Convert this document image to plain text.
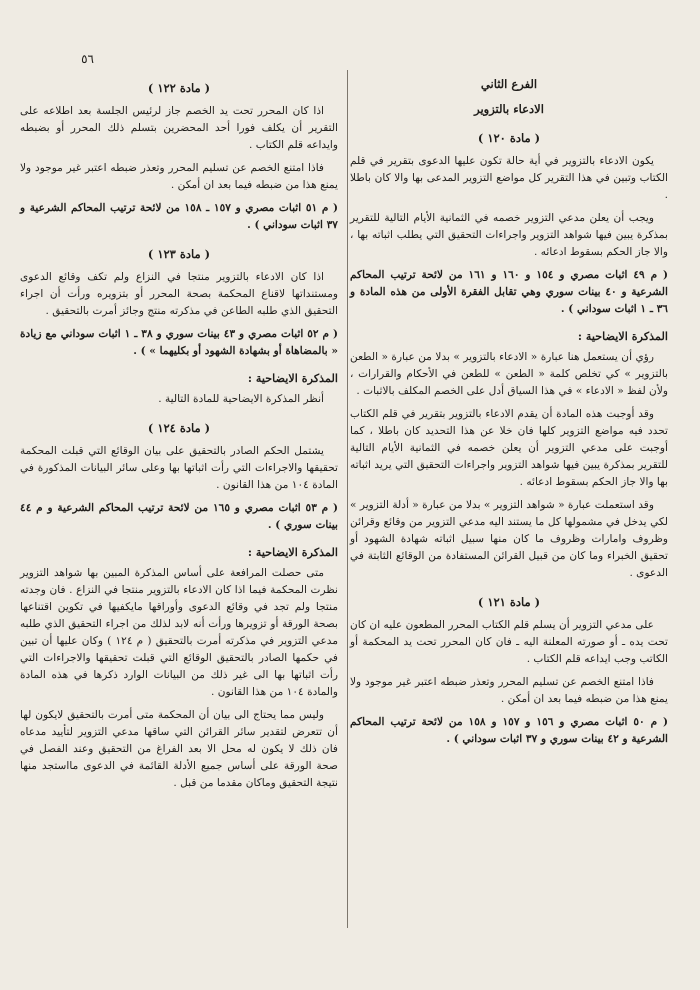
٥٦
الفرع الثاني
الادعاء بالتزوير
( مادة ١٢٠ )

يكون الادعاء بالتزوير في أية حالة تكون عليها الدعوى بتقرير في قلم الكتاب وتبين في هذا التقرير كل مواضع التزوير المدعى بها والا كان باطلا .

ويجب أن يعلن مدعي التزوير خصمه في الثمانية الأيام التالية للتقرير بمذكرة يبين فيها شواهد التزوير واجراءات التحقيق التي يطلب اثباته بها ، والا جاز الحكم بسقوط ادعائه .

( م ٤٩ اثبات مصري و ١٥٤ و ١٦٠ و ١٦١ من لائحة ترتيب المحاكم الشرعية و ٤٠ بينات سوري وهي تقابل الفقرة الأولى من هذه المادة و ٣٦ ـ ١ اثبات سوداني ) .

المذكرة الايضاحية :

رؤي أن يستعمل هنا عبارة « الادعاء بالتزوير » بدلا من عبارة « الطعن بالتزوير » كي تخلص كلمة « الطعن » للطعن في الأحكام والقرارات ، ولأن لفظ « الادعاء » في هذا السياق أدل على الخصم المكلف بالاثبات .

وقد أوجبت هذه المادة أن يقدم الادعاء بالتزوير بتقرير في قلم الكتاب تحدد فيه مواضع التزوير كلها فان خلا عن هذا التحديد كان باطلا ، كما أوجبت على مدعي التزوير أن يعلن خصمه في الثمانية الأيام التالية للتقرير بمذكرة يبين فيها شواهد التزوير واجراءات التحقيق التي يريد اثباته بها والا جاز الحكم بسقوط ادعائه .

وقد استعملت عبارة « شواهد التزوير » بدلا من عبارة « أدلة التزوير » لكي يدخل في مشمولها كل ما يستند اليه مدعي التزوير من وقائع وقرائن وظروف وامارات وظروف ما كان منها سبيل اثباته شهادة الشهود أو تحقيق الخبراء وما كان من قبيل القرائن المستفادة من الوقائع الثابتة في الدعوى .

( مادة ١٢١ )

على مدعي التزوير أن يسلم قلم الكتاب المحرر المطعون عليه ان كان تحت يده ـ أو صورته المعلنة اليه ـ فان كان المحرر تحت يد المحكمة أو الكاتب وجب ايداعه قلم الكتاب .

فاذا امتنع الخصم عن تسليم المحرر وتعذر ضبطه اعتبر غير موجود ولا يمنع هذا من ضبطه فيما بعد ان أمكن .

( م ٥٠ اثبات مصري و ١٥٦ و ١٥٧ و ١٥٨ من لائحة ترتيب المحاكم الشرعية و ٤٢ بينات سوري و ٣٧ اثبات سوداني ) .

( مادة ١٢٢ )

اذا كان المحرر تحت يد الخصم جاز لرئيس الجلسة بعد اطلاعه على التقرير أن يكلف فورا أحد المحضرين بتسلم ذلك المحرر أو بضبطه وايداعه قلم الكتاب .

فاذا امتنع الخصم عن تسليم المحرر وتعذر ضبطه اعتبر غير موجود ولا يمنع هذا من ضبطه فيما بعد ان أمكن .

( م ٥١ اثبات مصري و ١٥٧ ـ ١٥٨ من لائحة ترتيب المحاكم الشرعية و ٣٧ اثبات سوداني ) .

( مادة ١٢٣ )

اذا كان الادعاء بالتزوير منتجا في النزاع ولم تكف وقائع الدعوى ومستنداتها لاقناع المحكمة بصحة المحرر أو بتزويره ورأت أن اجراء التحقيق الذي طلبه الطاعن في مذكرته منتج وجائز أمرت بالتحقيق .

( م ٥٢ اثبات مصري و ٤٣ بينات سوري و ٣٨ ـ ١ اثبات سوداني مع زيادة « بالمضاهاة أو بشهادة الشهود أو بكليهما » ) .

المذكرة الايضاحية :

أنظر المذكرة الايضاحية للمادة التالية .

( مادة ١٢٤ )

يشتمل الحكم الصادر بالتحقيق على بيان الوقائع التي قبلت المحكمة تحقيقها والاجراءات التي رأت اثباتها بها وعلى سائر البيانات المذكورة في المادة ١٠٤ من هذا القانون .

( م ٥٣ اثبات مصري و ١٦٥ من لائحة ترتيب المحاكم الشرعية و م ٤٤ بينات سوري ) .

المذكرة الايضاحية :

متى حصلت المرافعة على أساس المذكرة المبين بها شواهد التزوير نظرت المحكمة فيما اذا كان الادعاء بالتزوير منتجا في النزاع . فان وجدته منتجا ولم تجد في وقائع الدعوى وأوراقها مايكفيها في تكوين اقتناعها بصحة الورقة أو تزويرها ورأت أنه لابد لذلك من اجراء التحقيق الذي طلبه مدعي التزوير في مذكرته أمرت بالتحقيق ( م ١٢٤ ) وكان عليها أن تبين في حكمها الصادر بالتحقيق الوقائع التي قبلت تحقيقها والاجراءات التي رأت اثباتها بها الى غير ذلك من البيانات الوارد ذكرها في هذه المادة والمادة ١٠٤ من هذا القانون .

وليس مما يحتاج الى بيان أن المحكمة متى أمرت بالتحقيق لايكون لها أن تتعرض لتقدير سائر القرائن التي ساقها مدعي التزوير لتأييد مدعاه فان ذلك لا يكون له محل الا بعد الفراغ من التحقيق وعند الفصل في صحة الورقة على أساس جميع الأدلة القائمة في الدعوى مااستجد منها نتيجة التحقيق وماكان مقدما من قبل .
